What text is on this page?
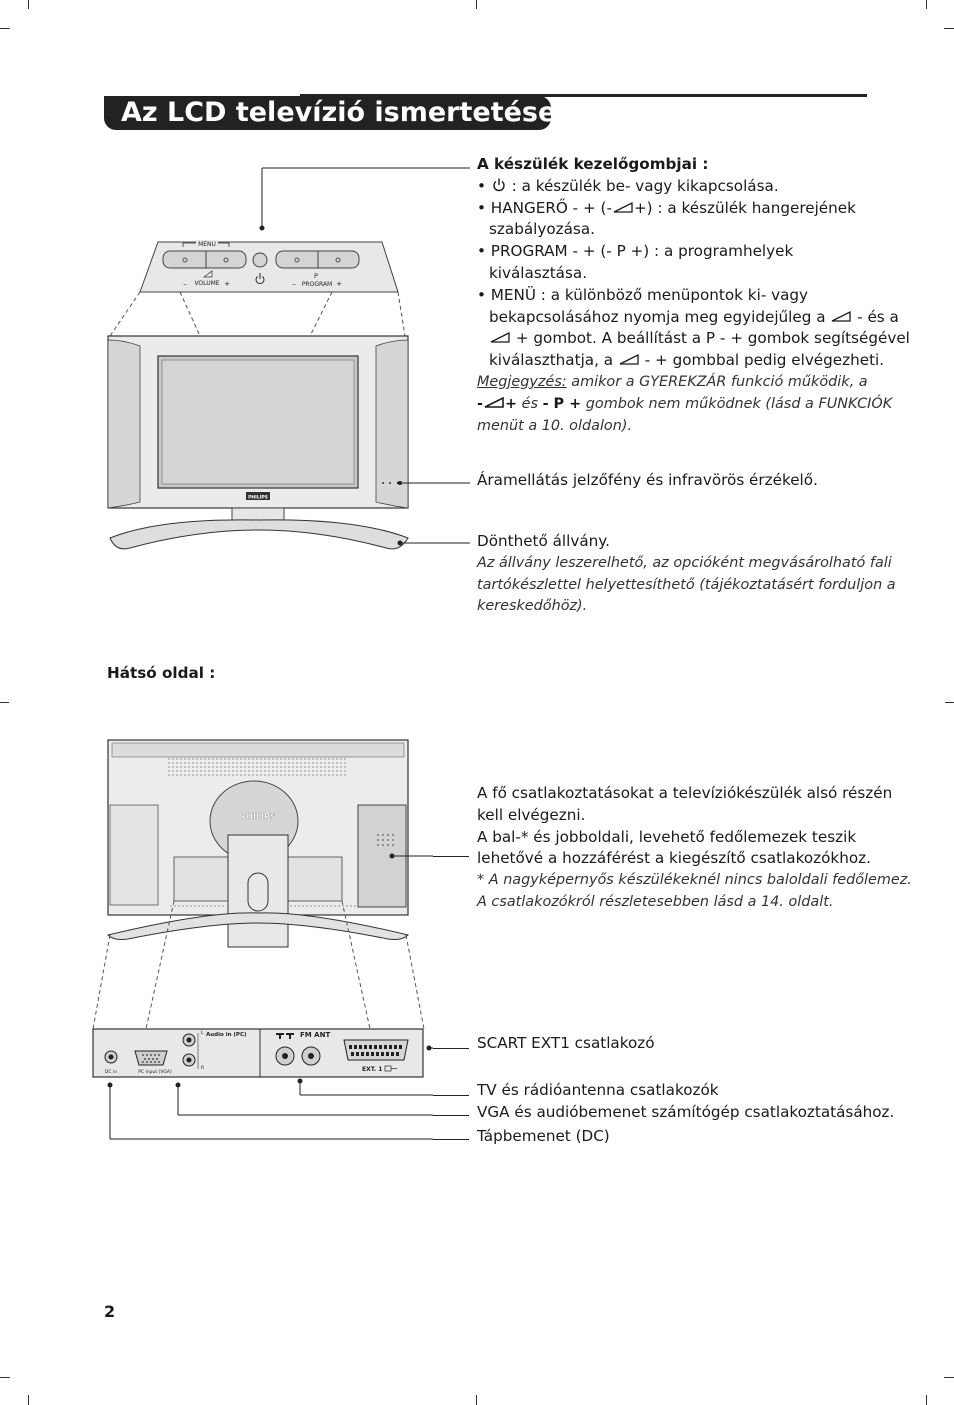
Az LCD televízió ismertetése
MENU
VOLUME
–	+
P
PROGRAM
–	+
PHILIPS
A készülék kezelőgombjai :
•  : a készülék be- vagy kikapcsolása.
• HANGERŐ - + (- +) : a készülék hangerejének
szabályozása.
• PROGRAM - + (- P +) : a programhelyek
kiválasztása.
• MENÜ : a különböző menüpontok ki- vagy
bekapcsolásához nyomja meg egyidejűleg a - és a
+ gombot. A beállítást a P - + gombok segítségével
kiválaszthatja, a - + gombbal pedig elvégezheti.
Megjegyzés: amikor a GYEREKZÁR funkció működik, a
- + és - P + gombok nem működnek (lásd a FUNKCIÓK
menüt a 10. oldalon).
Áramellátás jelzőfény és infravörös érzékelő.
Dönthető állvány.
Az állvány leszerelhető, az opcióként megvásárolható fali
tartókészlettel helyettesíthető (tájékoztatásért forduljon a
kereskedőhöz).
Hátsó oldal :
PHILIPS
DC in	PC input (VGA)
L
R
Audio in (PC)	FM ANT
EXT. 1
A fő csatlakoztatásokat a televíziókészülék alsó részén
kell elvégezni.
A bal-* és jobboldali, levehető fedőlemezek teszik
lehetővé a hozzáférést a kiegészítő csatlakozókhoz.
* A nagyképernyős készülékeknél nincs baloldali fedőlemez.
A csatlakozókról részletesebben lásd a 14. oldalt.
SCART EXT1 csatlakozó
TV és rádióantenna csatlakozók
VGA és audióbemenet számítógép csatlakoztatásához.
Tápbemenet (DC)
2
